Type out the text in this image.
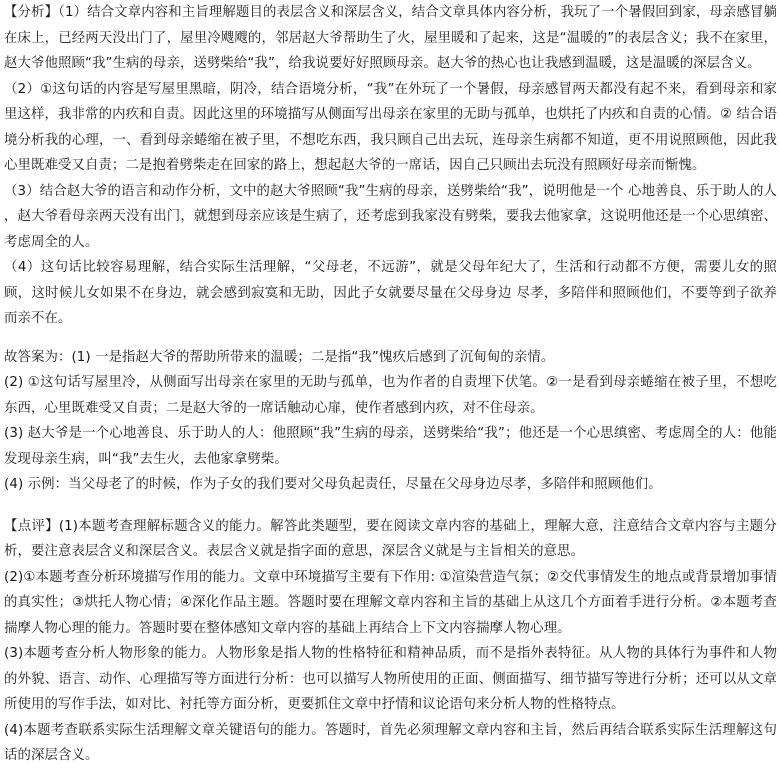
【分析】（1）结合文章内容和主旨理解题目的表层含义和深层含义，结合文章具体内容分析，我玩了一个暑假回到家，母亲感冒躺在床上，已经两天没出门了，屋里冷飕飕的，邻居赵大爷帮助生了火，屋里暖和了起来，这是“温暖的”的表层含义；我不在家里，赵大爷他照顾“我”生病的母亲，送劈柴给“我”，给我说要好好照顾母亲。赵大爷的热心也让我感到温暖，这是温暖的深层含义。

（2）①这句话的内容是写屋里黑暗，阴冷，结合语境分析，“我”在外玩了一个暑假，母亲感冒两天都没有起不来，看到母亲和家里这样，我非常的内疚和自责。因此这里的环境描写从侧面写出母亲在家里的无助与孤单，也烘托了内疚和自责的心情。② 结合语境分析我的心理，一、看到母亲蜷缩在被子里，不想吃东西，我只顾自己出去玩，连母亲生病都不知道，更不用说照顾他，因此我心里既难受又自责；二是抱着劈柴走在回家的路上，想起赵大爷的一席话，因自己只顾出去玩没有照顾好母亲而惭愧。

（3）结合赵大爷的语言和动作分析，文中的赵大爷照顾“我”生病的母亲，送劈柴给“我”，说明他是一个 心地善良、乐于助人的人 ，赵大爷看母亲两天没有出门，就想到母亲应该是生病了，还考虑到我家没有劈柴，要我去他家拿，这说明他还是一个心思缜密、考虑周全的人。

（4）这句话比较容易理解，结合实际生活理解，“父母老，不远游”，就是父母年纪大了，生活和行动都不方便，需要儿女的照顾，这时候儿女如果不在身边，就会感到寂寞和无助，因此子女就要尽量在父母身边 尽孝，多陪伴和照顾他们，不要等到子欲养而亲不在。

故答案为：(1) 一是指赵大爷的帮助所带来的温暖；二是指“我”愧疚后感到了沉甸甸的亲情。

(2) ①这句话写屋里冷，从侧面写出母亲在家里的无助与孤单，也为作者的自责埋下伏笔。②一是看到母亲蜷缩在被子里，不想吃东西，心里既难受又自责；二是赵大爷的一席话触动心扉，使作者感到内疚，对不住母亲。

(3) 赵大爷是一个心地善良、乐于助人的人：他照顾“我”生病的母亲，送劈柴给“我”；他还是一个心思缜密、考虑周全的人：他能发现母亲生病，叫“我”去生火，去他家拿劈柴。

(4) 示例：当父母老了的时候，作为子女的我们要对父母负起责任，尽量在父母身边尽孝，多陪伴和照顾他们。

【点评】(1)本题考查理解标题含义的能力。解答此类题型，要在阅读文章内容的基础上，理解大意，注意结合文章内容与主题分析，要注意表层含义和深层含义。表层含义就是指字面的意思，深层含义就是与主旨相关的意思。

(2)①本题考查分析环境描写作用的能力。文章中环境描写主要有下作用: ①渲染营造气氛；②交代事情发生的地点或背景增加事情的真实性；③烘托人物心情；④深化作品主题。答题时要在理解文章内容和主旨的基础上从这几个方面着手进行分析。②本题考查揣摩人物心理的能力。答题时要在整体感知文章内容的基础上再结合上下文内容揣摩人物心理。

(3)本题考查分析人物形象的能力。人物形象是指人物的性格特征和精神品质，而不是指外表特征。从人物的具体行为事件和人物的外貌、语言、动作、心理描写等方面进行分析：也可以描写人物所使用的正面、侧面描写、细节描写等进行分析；还可以从文章所使用的写作手法，如对比、衬托等方面分析，更要抓住文章中抒情和议论语句来分析人物的性格特点。

(4)本题考查联系实际生活理解文章关键语句的能力。答题时，首先必须理解文章内容和主旨，然后再结合联系实际生活理解这句话的深层含义。
